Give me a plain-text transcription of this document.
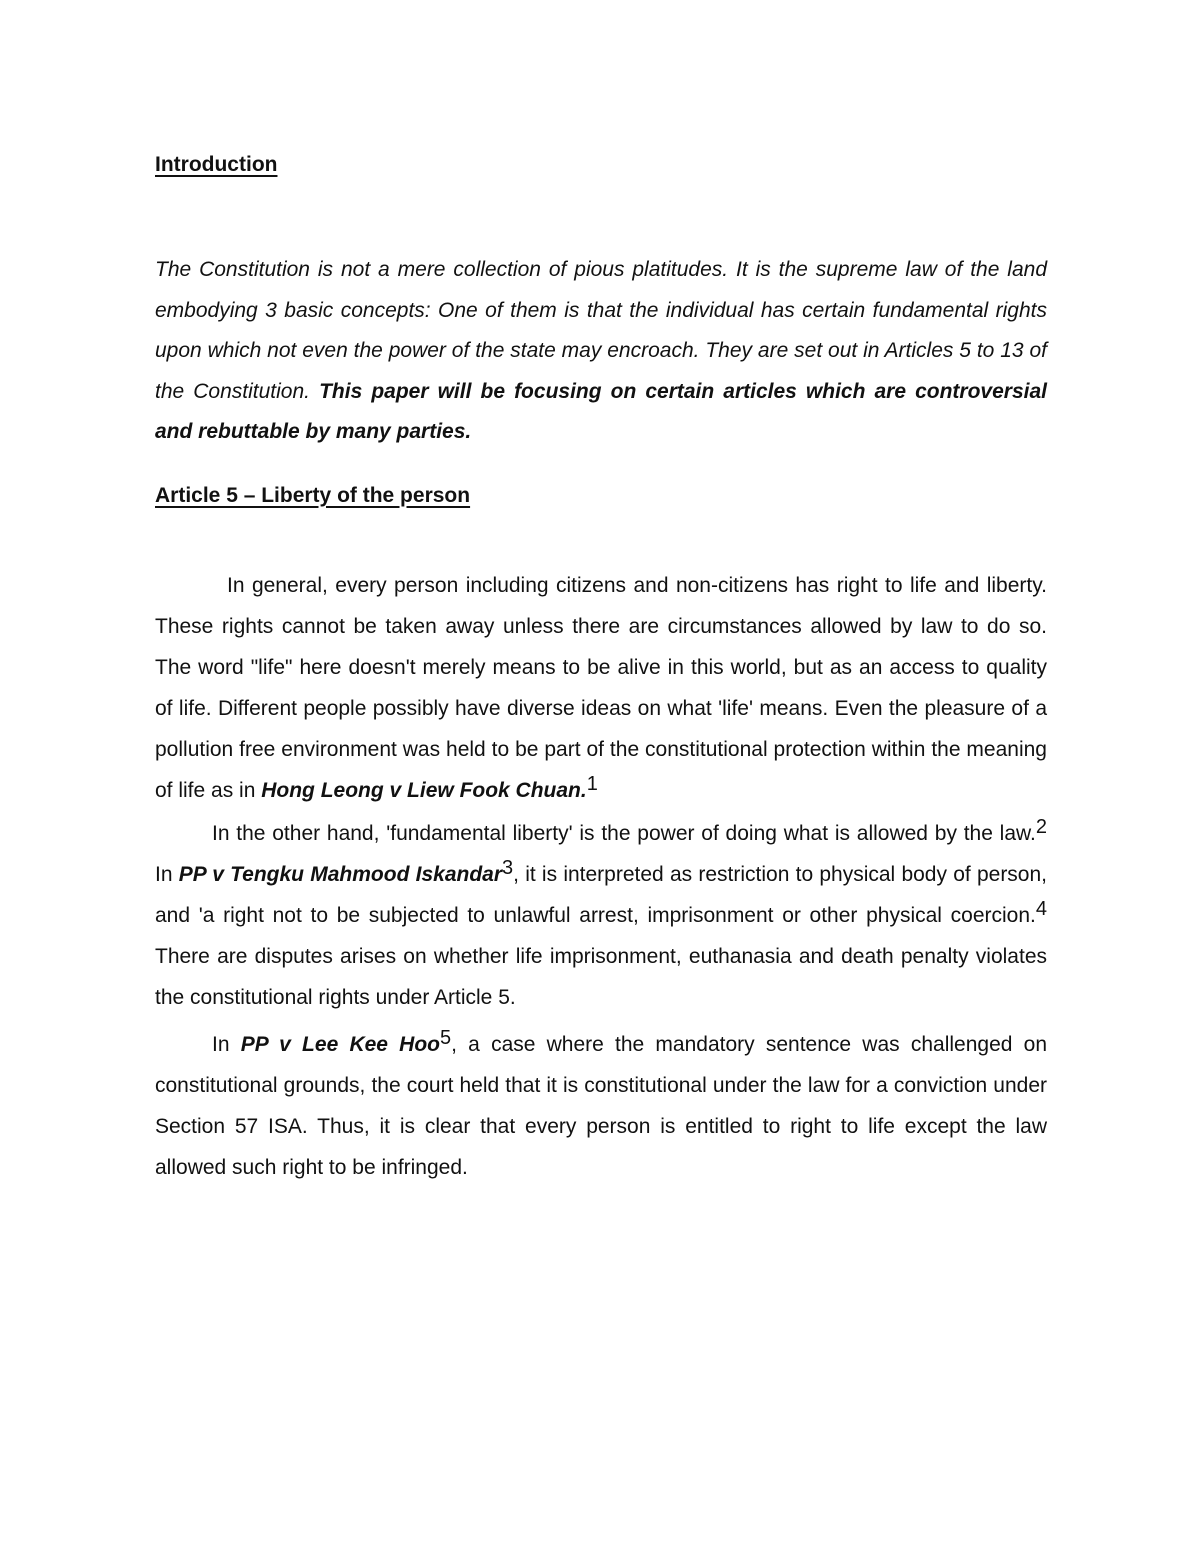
Introduction

The Constitution is not a mere collection of pious platitudes. It is the supreme law of the land embodying 3 basic concepts: One of them is that the individual has certain fundamental rights upon which not even the power of the state may encroach. They are set out in Articles 5 to 13 of the Constitution. This paper will be focusing on certain articles which are controversial and rebuttable by many parties.

Article 5 – Liberty of the person

In general, every person including citizens and non-citizens has right to life and liberty. These rights cannot be taken away unless there are circumstances allowed by law to do so. The word "life" here doesn't merely means to be alive in this world, but as an access to quality of life. Different people possibly have diverse ideas on what 'life' means. Even the pleasure of a pollution free environment was held to be part of the constitutional protection within the meaning of life as in Hong Leong v Liew Fook Chuan.$^1$

In the other hand, 'fundamental liberty' is the power of doing what is allowed by the law.$^2$ In PP v Tengku Mahmood Iskandar$^3$, it is interpreted as restriction to physical body of person, and 'a right not to be subjected to unlawful arrest, imprisonment or other physical coercion.$^4$ There are disputes arises on whether life imprisonment, euthanasia and death penalty violates the constitutional rights under Article 5.

In PP v Lee Kee Hoo$^5$, a case where the mandatory sentence was challenged on constitutional grounds, the court held that it is constitutional under the law for a conviction under Section 57 ISA. Thus, it is clear that every person is entitled to right to life except the law allowed such right to be infringed.
